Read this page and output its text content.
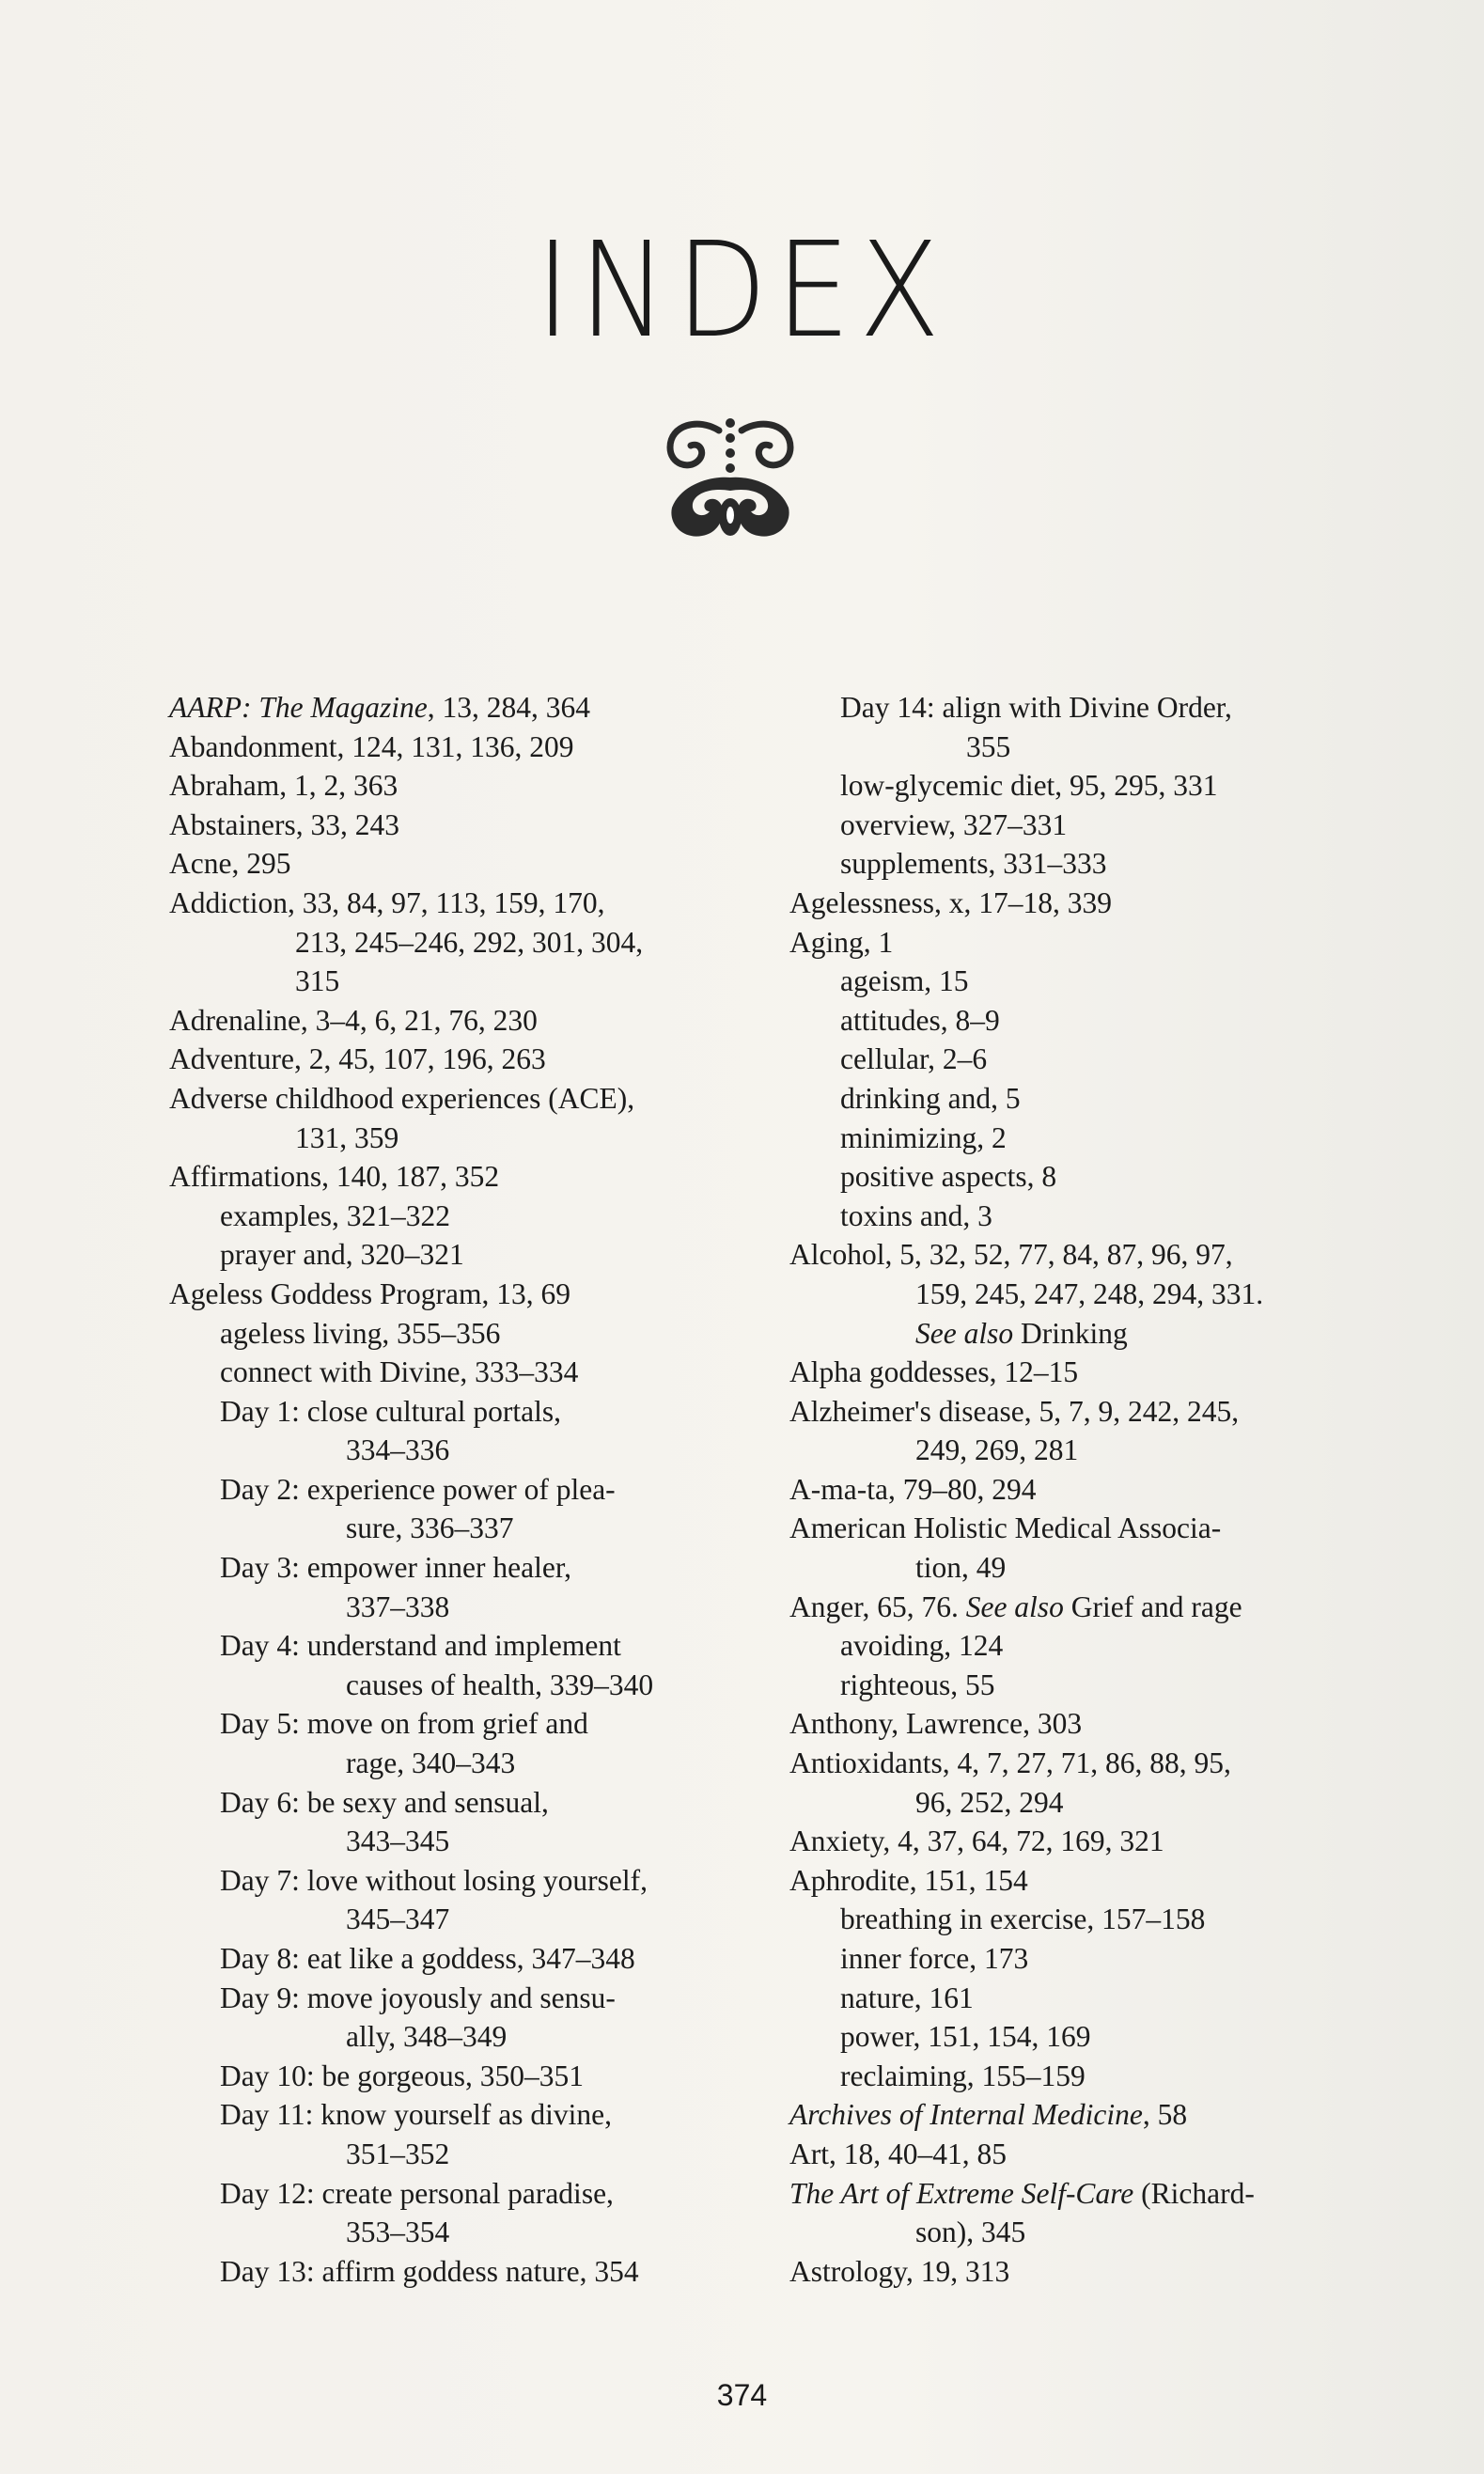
INDEX
AARP: The Magazine, 13, 284, 364
Abandonment, 124, 131, 136, 209
Abraham, 1, 2, 363
Abstainers, 33, 243
Acne, 295
Addiction, 33, 84, 97, 113, 159, 170,
213, 245–246, 292, 301, 304,
315
Adrenaline, 3–4, 6, 21, 76, 230
Adventure, 2, 45, 107, 196, 263
Adverse childhood experiences (ACE),
131, 359
Affirmations, 140, 187, 352
examples, 321–322
prayer and, 320–321
Ageless Goddess Program, 13, 69
ageless living, 355–356
connect with Divine, 333–334
Day 1: close cultural portals,
334–336
Day 2: experience power of plea-
sure, 336–337
Day 3: empower inner healer,
337–338
Day 4: understand and implement
causes of health, 339–340
Day 5: move on from grief and
rage, 340–343
Day 6: be sexy and sensual,
343–345
Day 7: love without losing yourself,
345–347
Day 8: eat like a goddess, 347–348
Day 9: move joyously and sensu-
ally, 348–349
Day 10: be gorgeous, 350–351
Day 11: know yourself as divine,
351–352
Day 12: create personal paradise,
353–354
Day 13: affirm goddess nature, 354
Day 14: align with Divine Order,
355
low-glycemic diet, 95, 295, 331
overview, 327–331
supplements, 331–333
Agelessness, x, 17–18, 339
Aging, 1
ageism, 15
attitudes, 8–9
cellular, 2–6
drinking and, 5
minimizing, 2
positive aspects, 8
toxins and, 3
Alcohol, 5, 32, 52, 77, 84, 87, 96, 97,
159, 245, 247, 248, 294, 331.
See also Drinking
Alpha goddesses, 12–15
Alzheimer's disease, 5, 7, 9, 242, 245,
249, 269, 281
A-ma-ta, 79–80, 294
American Holistic Medical Associa-
tion, 49
Anger, 65, 76. See also Grief and rage
avoiding, 124
righteous, 55
Anthony, Lawrence, 303
Antioxidants, 4, 7, 27, 71, 86, 88, 95,
96, 252, 294
Anxiety, 4, 37, 64, 72, 169, 321
Aphrodite, 151, 154
breathing in exercise, 157–158
inner force, 173
nature, 161
power, 151, 154, 169
reclaiming, 155–159
Archives of Internal Medicine, 58
Art, 18, 40–41, 85
The Art of Extreme Self-Care (Richard-
son), 345
Astrology, 19, 313
374
